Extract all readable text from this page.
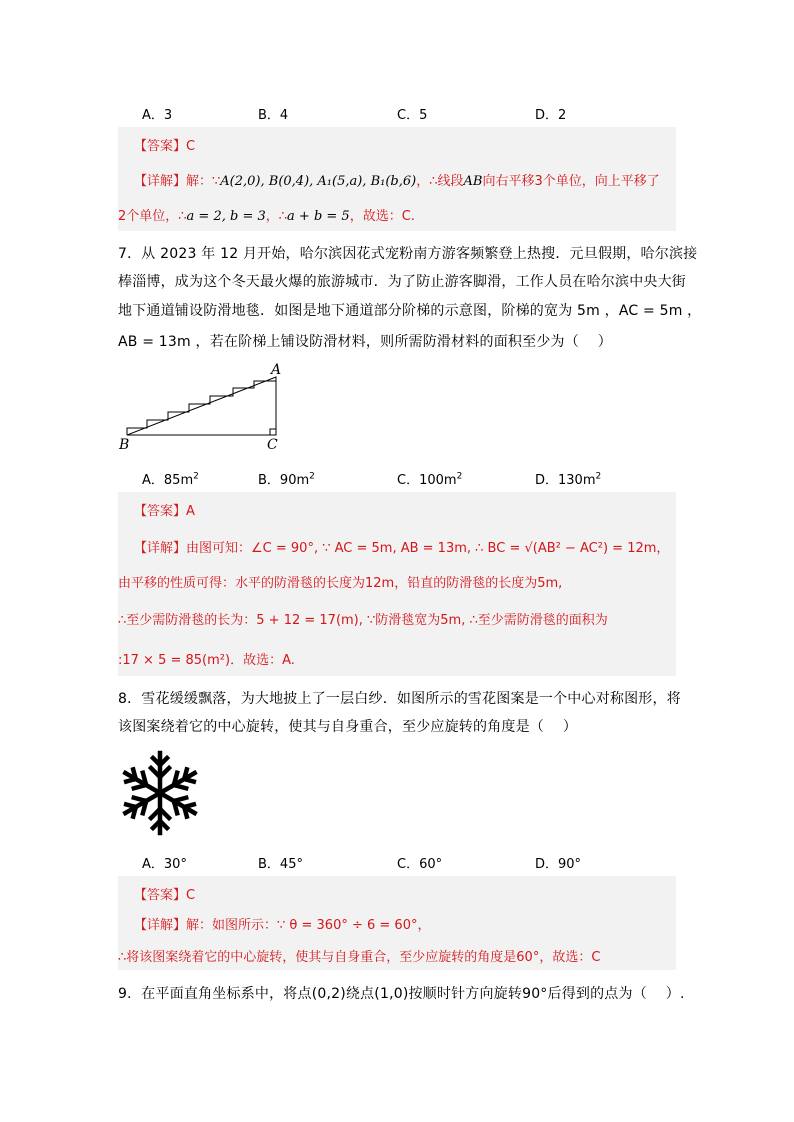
A．3	B．4	C．5	D．2
【答案】C
【详解】解：∵A(2,0), B(0,4), A₁(5,a), B₁(b,6)，∴线段AB向右平移3个单位，向上平移了
2个单位，∴a = 2, b = 3，∴a + b = 5，故选：C.
7．从 2023 年 12 月开始，哈尔滨因花式宠粉南方游客频繁登上热搜．元旦假期，哈尔滨接
棒淄博，成为这个冬天最火爆的旅游城市．为了防止游客脚滑，工作人员在哈尔滨中央大街
地下通道铺设防滑地毯．如图是地下通道部分阶梯的示意图，阶梯的宽为 5m ，AC = 5m ，
AB = 13m ，若在阶梯上铺设防滑材料，则所需防滑材料的面积至少为（　 ）
A
B	C
A．$85m^2$	B．$90m^2$	C．$100m^2$	D．$130m^2$
【答案】A
【详解】由图可知：∠C = 90°, ∵ AC = 5m, AB = 13m, ∴ BC = √(AB² − AC²) = 12m，
由平移的性质可得：水平的防滑毯的长度为12m，铅直的防滑毯的长度为5m,
∴至少需防滑毯的长为：5 + 12 = 17(m), ∵防滑毯宽为5m, ∴至少需防滑毯的面积为
:17 × 5 = 85(m²)．故选：A.
8．雪花缓缓飘落，为大地披上了一层白纱．如图所示的雪花图案是一个中心对称图形，将
该图案绕着它的中心旋转，使其与自身重合，至少应旋转的角度是（　 ）
A．30°	B．45°	C．60°	D．90°
【答案】C
【详解】解：如图所示：∵ θ = 360° ÷ 6 = 60°，
∴将该图案绕着它的中心旋转，使其与自身重合，至少应旋转的角度是60°，故选：C
9．在平面直角坐标系中，将点(0,2)绕点(1,0)按顺时针方向旋转90°后得到的点为（　 ）.
